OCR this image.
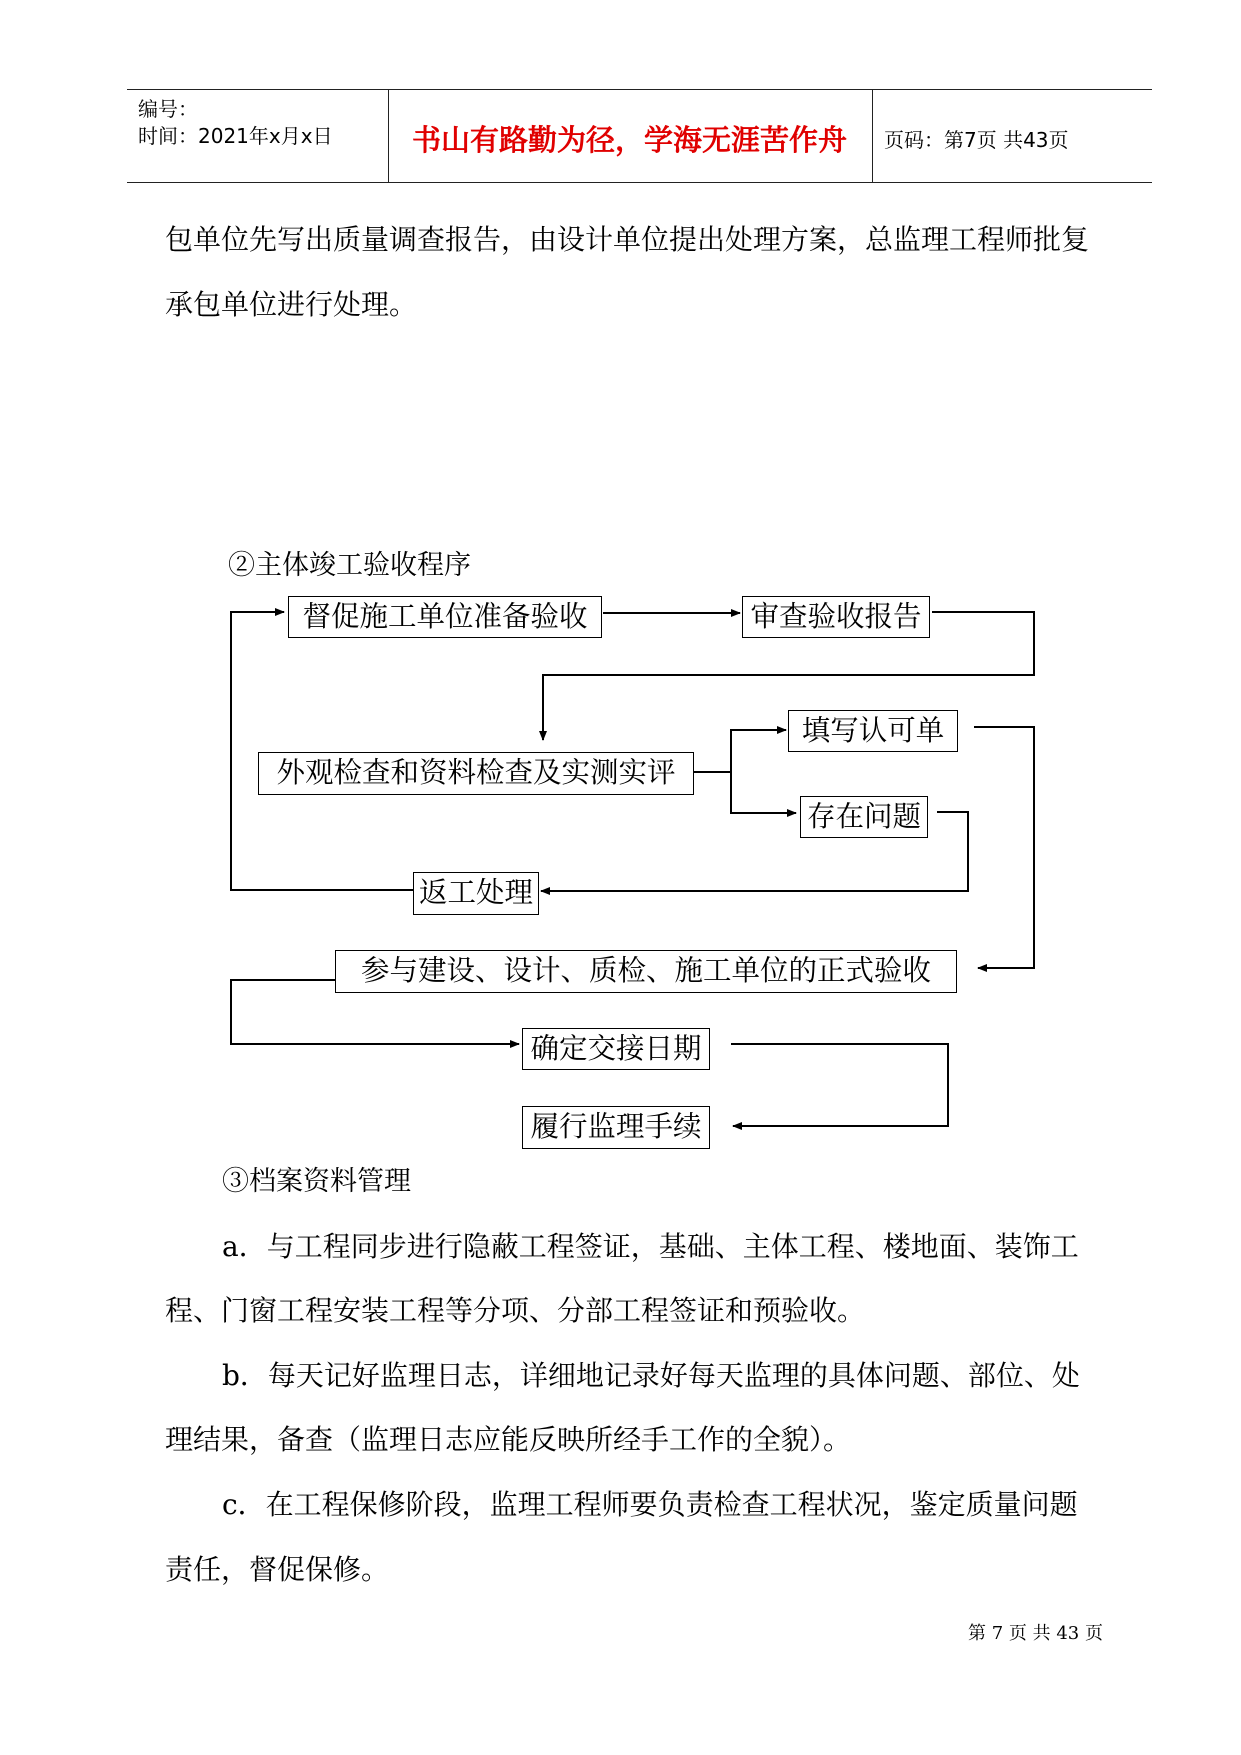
编号：
时间：2021年x月x日	书山有路勤为径，学海无涯苦作舟 页码：第7页 共43页
包单位先写出质量调查报告，由设计单位提出处理方案，总监理工程师批复
承包单位进行处理。
②主体竣工验收程序
督促施工单位准备验收	审查验收报告
外观检查和资料检查及实测实评
填写认可单
存在问题
返工处理
参与建设、设计、质检、施工单位的正式验收
确定交接日期
履行监理手续
③档案资料管理
a．与工程同步进行隐蔽工程签证，基础、主体工程、楼地面、装饰工
程、门窗工程安装工程等分项、分部工程签证和预验收。
b．每天记好监理日志，详细地记录好每天监理的具体问题、部位、处
理结果，备查（监理日志应能反映所经手工作的全貌）。
c．在工程保修阶段，监理工程师要负责检查工程状况，鉴定质量问题
责任，督促保修。
第 7 页 共 43 页
